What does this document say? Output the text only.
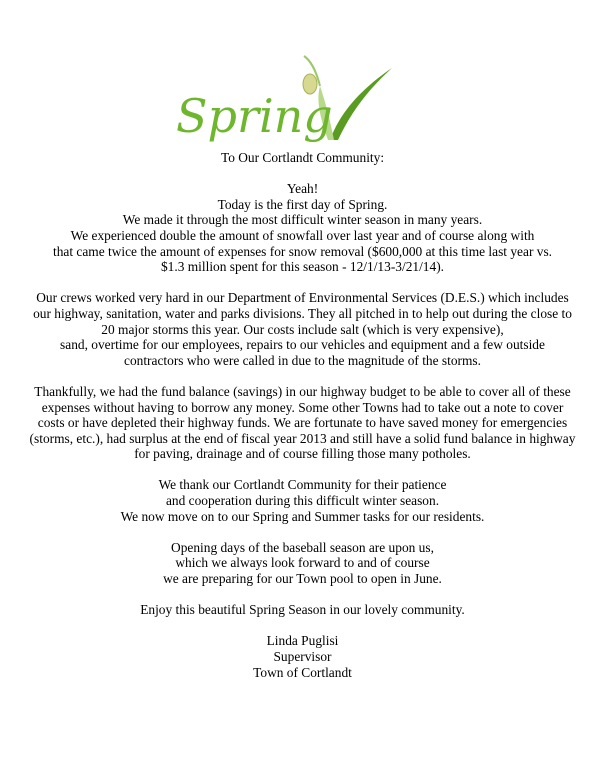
Spring

To Our Cortlandt Community:

Yeah!

Today is the first day of Spring.

We made it through the most difficult winter season in many years.

We experienced double the amount of snowfall over last year and of course along with

that came twice the amount of expenses for snow removal ($600,000 at this time last year vs.

$1.3 million spent for this season - 12/1/13-3/21/14).

Our crews worked very hard in our Department of Environmental Services (D.E.S.) which includes

our highway, sanitation, water and parks divisions. They all pitched in to help out during the close to

20 major storms this year. Our costs include salt (which is very expensive),

sand, overtime for our employees, repairs to our vehicles and equipment and a few outside

contractors who were called in due to the magnitude of the storms.

Thankfully, we had the fund balance (savings) in our highway budget to be able to cover all of these

expenses without having to borrow any money. Some other Towns had to take out a note to cover

costs or have depleted their highway funds. We are fortunate to have saved money for emergencies

(storms, etc.), had surplus at the end of fiscal year 2013 and still have a solid fund balance in highway

for paving, drainage and of course filling those many potholes.

We thank our Cortlandt Community for their patience

and cooperation during this difficult winter season.

We now move on to our Spring and Summer tasks for our residents.

Opening days of the baseball season are upon us,

which we always look forward to and of course

we are preparing for our Town pool to open in June.

Enjoy this beautiful Spring Season in our lovely community.

Linda Puglisi

Supervisor

Town of Cortlandt
